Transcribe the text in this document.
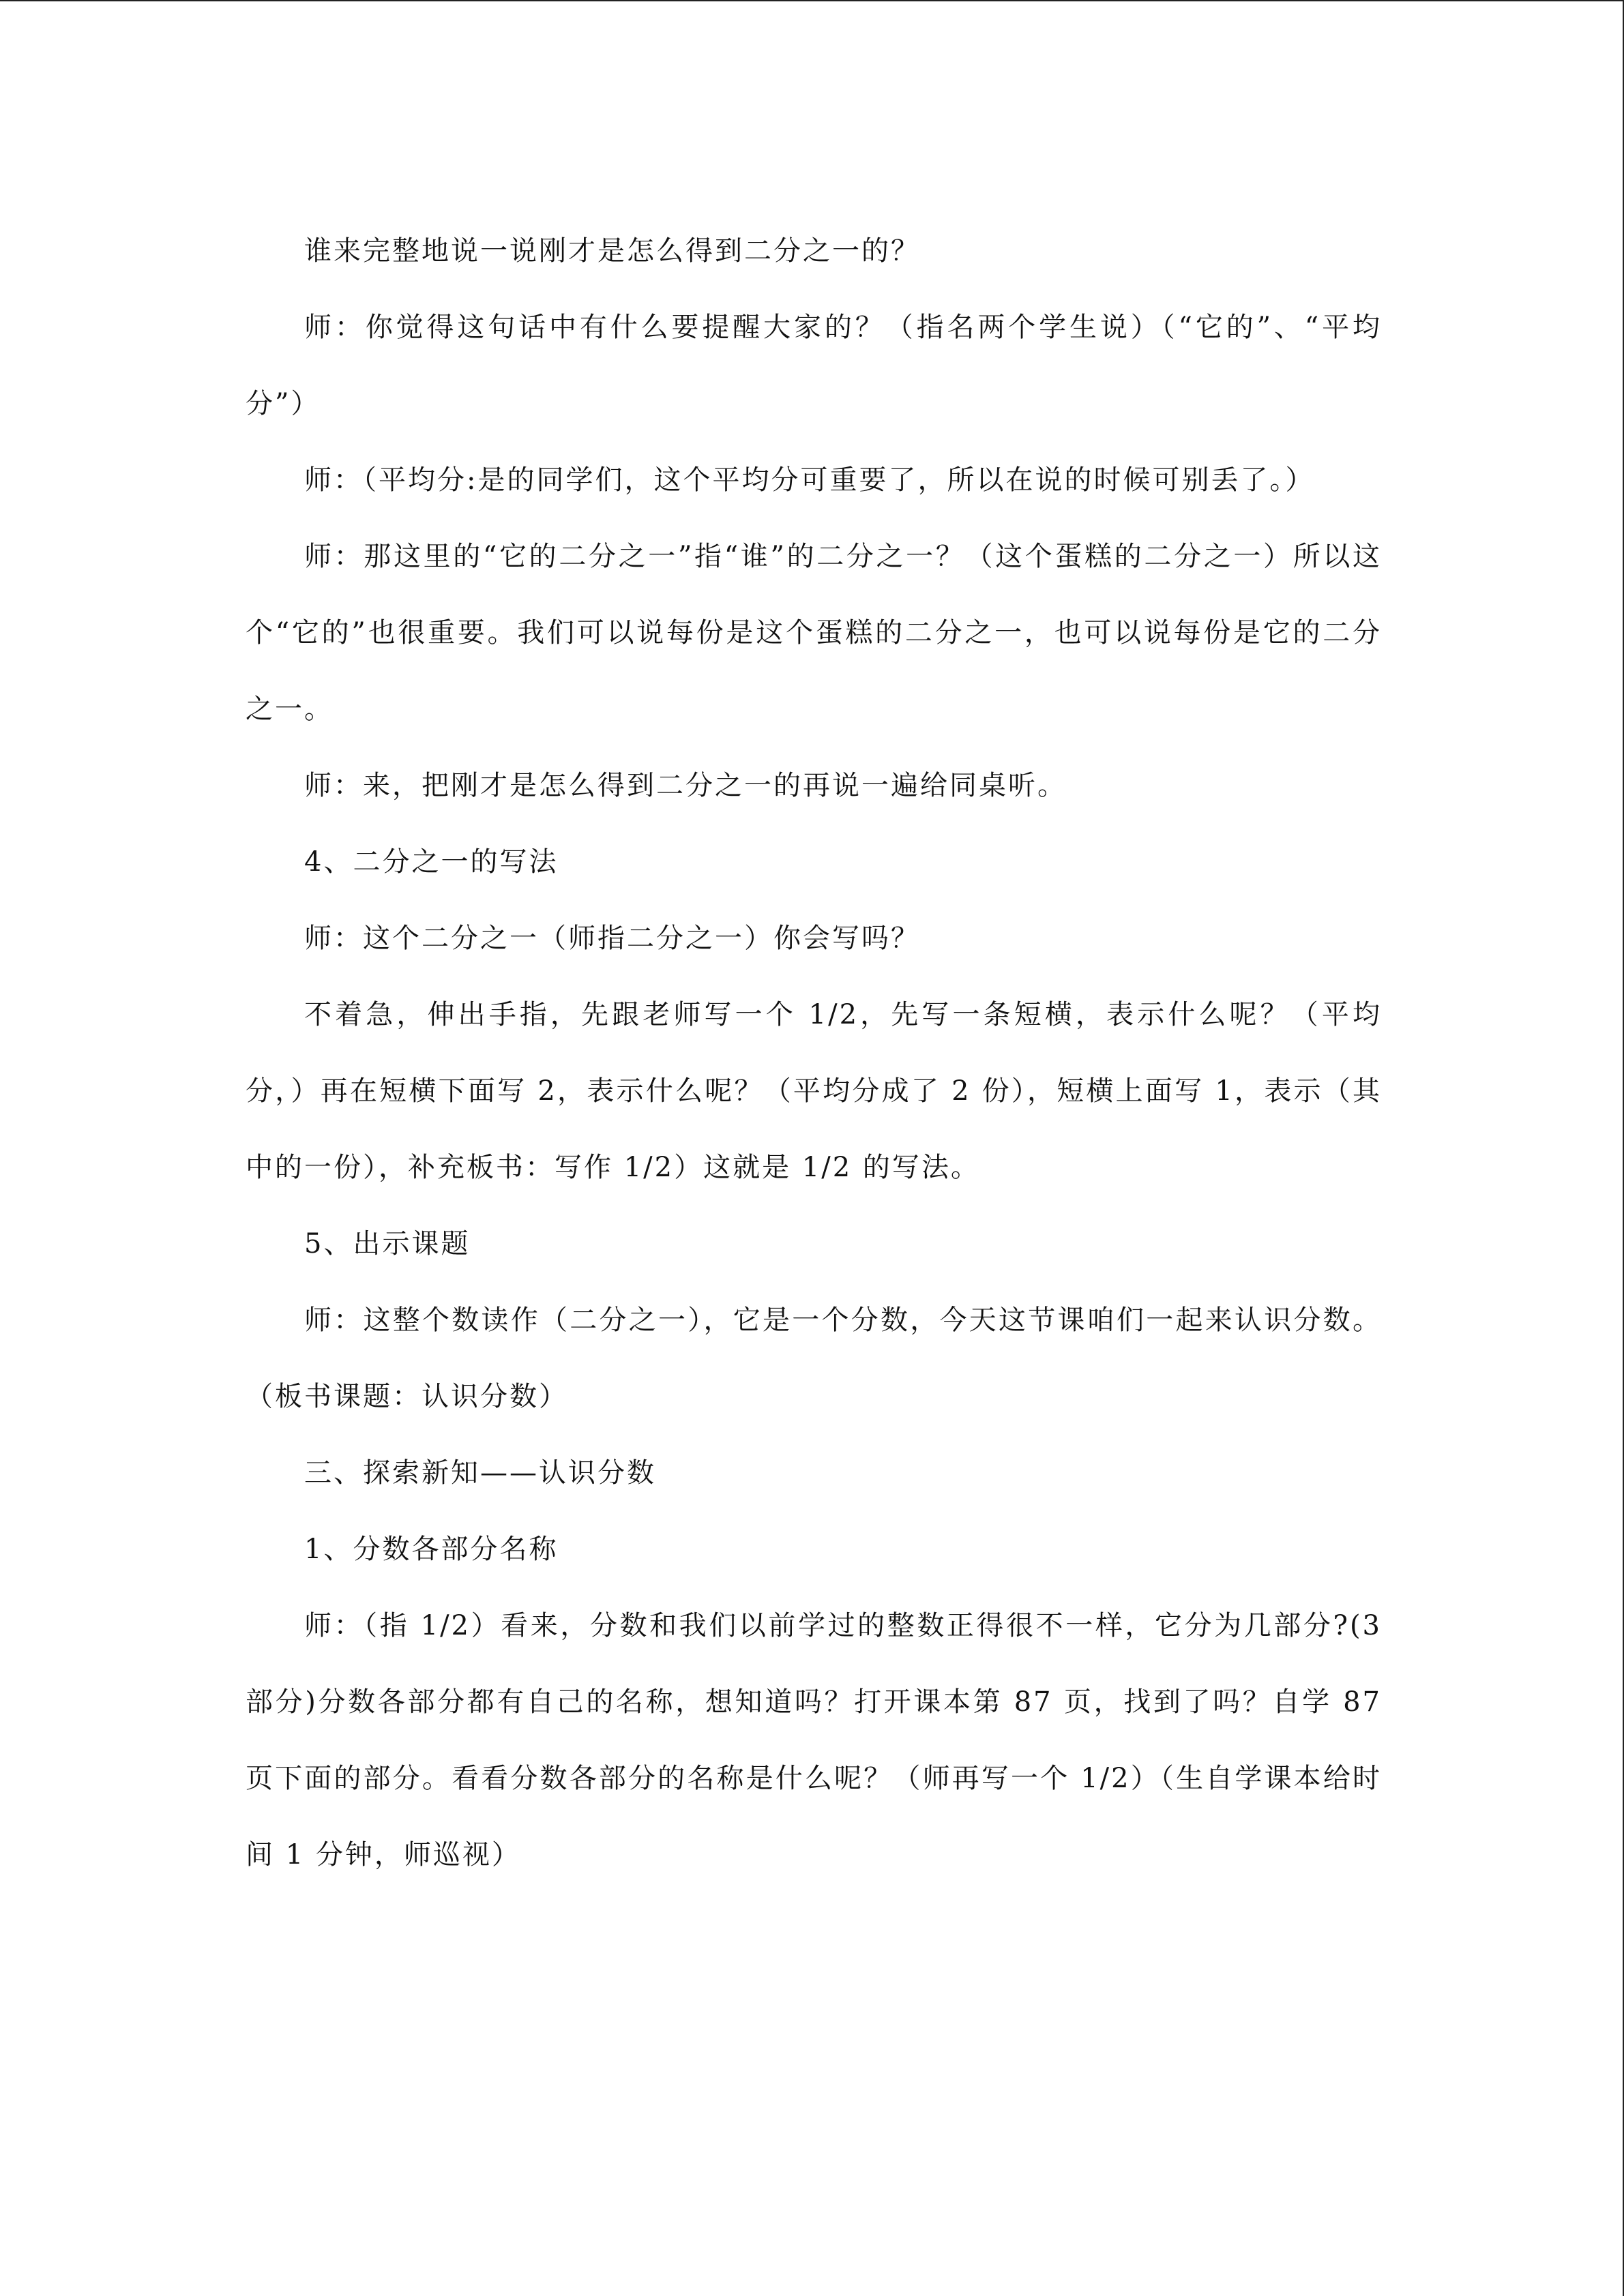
谁来完整地说一说刚才是怎么得到二分之一的？

师：你觉得这句话中有什么要提醒大家的？（指名两个学生说）（“它的”、“平均分”）

师：（平均分:是的同学们，这个平均分可重要了，所以在说的时候可别丢了。）

师：那这里的“它的二分之一”指“谁”的二分之一？（这个蛋糕的二分之一）所以这个“它的”也很重要。我们可以说每份是这个蛋糕的二分之一，也可以说每份是它的二分之一。

师：来，把刚才是怎么得到二分之一的再说一遍给同桌听。

4、二分之一的写法

师：这个二分之一（师指二分之一）你会写吗？

不着急，伸出手指，先跟老师写一个 1/2，先写一条短横，表示什么呢？（平均分，）再在短横下面写 2，表示什么呢？（平均分成了 2 份），短横上面写 1，表示（其中的一份），补充板书：写作 1/2）这就是 1/2 的写法。

5、出示课题

师：这整个数读作（二分之一），它是一个分数，今天这节课咱们一起来认识分数。（板书课题：认识分数）

三、探索新知——认识分数

1、分数各部分名称

师：（指 1/2）看来，分数和我们以前学过的整数正得很不一样，它分为几部分?(3 部分)分数各部分都有自己的名称，想知道吗？打开课本第 87 页，找到了吗？自学 87 页下面的部分。看看分数各部分的名称是什么呢？（师再写一个 1/2）（生自学课本给时间 1 分钟，师巡视）
